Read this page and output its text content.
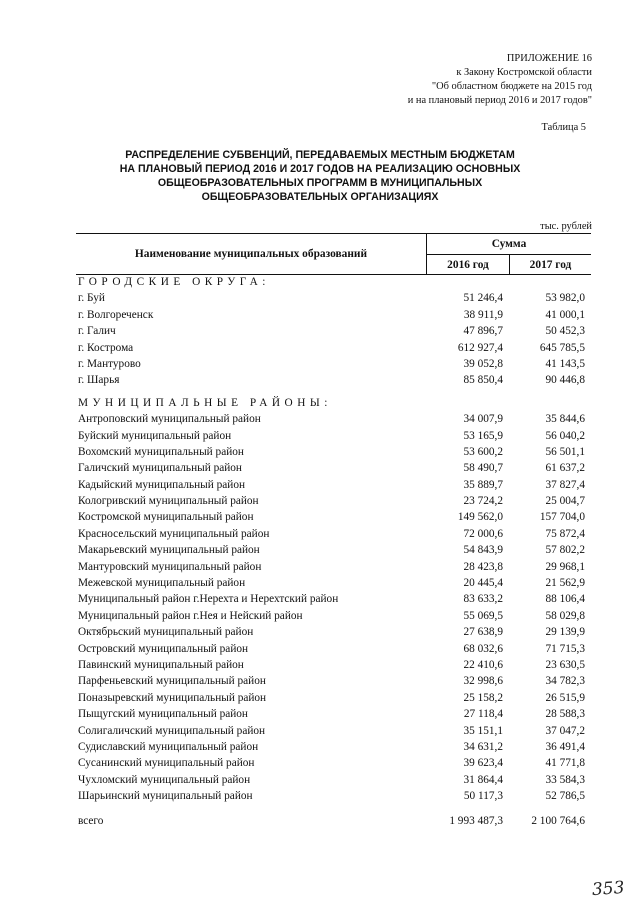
ПРИЛОЖЕНИЕ 16
к Закону Костромской области
"Об областном бюджете на 2015 год
и на плановый период 2016 и 2017 годов"
Таблица 5
РАСПРЕДЕЛЕНИЕ СУБВЕНЦИЙ, ПЕРЕДАВАЕМЫХ МЕСТНЫМ БЮДЖЕТАМ
НА ПЛАНОВЫЙ ПЕРИОД 2016 И 2017 ГОДОВ НА РЕАЛИЗАЦИЮ ОСНОВНЫХ
ОБЩЕОБРАЗОВАТЕЛЬНЫХ ПРОГРАММ В МУНИЦИПАЛЬНЫХ
ОБЩЕОБРАЗОВАТЕЛЬНЫХ ОРГАНИЗАЦИЯХ
тыс. рублей
Наименование муниципальных образований
Сумма
2016 год	2017 год
ГОРОДСКИЕ ОКРУГА:
г. Буй	51 246,4	53 982,0
г. Волгореченск	38 911,9	41 000,1
г. Галич	47 896,7	50 452,3
г. Кострома	612 927,4	645 785,5
г. Мантурово	39 052,8	41 143,5
г. Шарья	85 850,4	90 446,8
МУНИЦИПАЛЬНЫЕ РАЙОНЫ:
Антроповский муниципальный район	34 007,9	35 844,6
Буйский муниципальный район	53 165,9	56 040,2
Вохомский муниципальный район	53 600,2	56 501,1
Галичский муниципальный район	58 490,7	61 637,2
Кадыйский муниципальный район	35 889,7	37 827,4
Кологривский муниципальный район	23 724,2	25 004,7
Костромской муниципальный район	149 562,0	157 704,0
Красносельский муниципальный район	72 000,6	75 872,4
Макарьевский муниципальный район	54 843,9	57 802,2
Мантуровский муниципальный район	28 423,8	29 968,1
Межевской муниципальный район	20 445,4	21 562,9
Муниципальный район г.Нерехта и Нерехтский район	83 633,2	88 106,4
Муниципальный район г.Нея и Нейский район	55 069,5	58 029,8
Октябрьский муниципальный район	27 638,9	29 139,9
Островский муниципальный район	68 032,6	71 715,3
Павинский муниципальный район	22 410,6	23 630,5
Парфеньевский муниципальный район	32 998,6	34 782,3
Поназыревский муниципальный район	25 158,2	26 515,9
Пыщугский муниципальный район	27 118,4	28 588,3
Солигаличский муниципальный район	35 151,1	37 047,2
Судиславский муниципальный район	34 631,2	36 491,4
Сусанинский муниципальный район	39 623,4	41 771,8
Чухломский муниципальный район	31 864,4	33 584,3
Шарьинский муниципальный район	50 117,3	52 786,5
всего	1 993 487,3	2 100 764,6
353
